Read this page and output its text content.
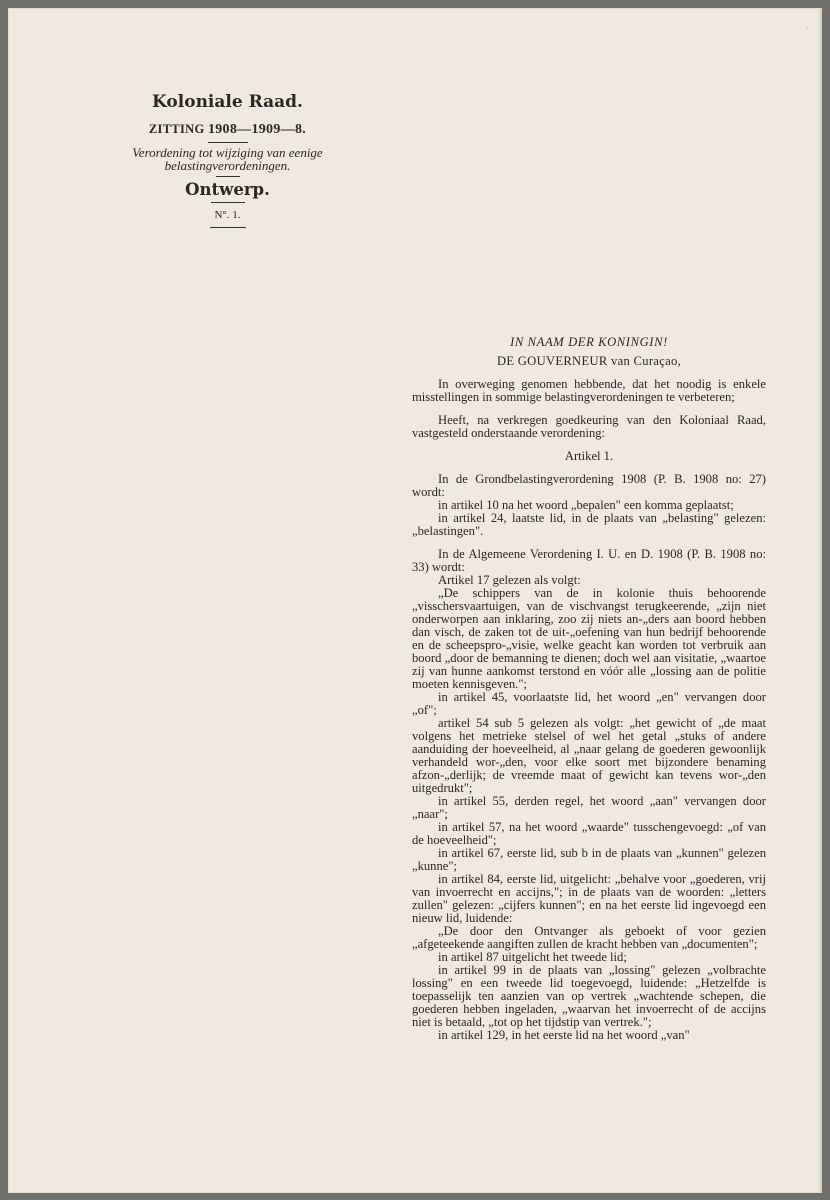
´
Koloniale Raad.
ZITTING 1908—1909—8.
Verordening tot wijziging van eenige belastingverordeningen.
Ontwerp.
N°. 1.

IN NAAM DER KONINGIN!

DE GOUVERNEUR van Curaçao,

In overweging genomen hebbende, dat het noodig is enkele misstellingen in sommige belastingverordeningen te verbeteren;

Heeft, na verkregen goedkeuring van den Koloniaal Raad, vastgesteld onderstaande verordening:

Artikel 1.

In de Grondbelastingverordening 1908 (P. B. 1908 no: 27) wordt:

in artikel 10 na het woord „bepalen" een komma geplaatst;

in artikel 24, laatste lid, in de plaats van „belasting" gelezen: „belastingen".

In de Algemeene Verordening I. U. en D. 1908 (P. B. 1908 no: 33) wordt:

Artikel 17 gelezen als volgt:

„De schippers van de in kolonie thuis behoorende „visschersvaartuigen, van de vischvangst terugkeerende, „zijn niet onderworpen aan inklaring, zoo zij niets an-„ders aan boord hebben dan visch, de zaken tot de uit-„oefening van hun bedrijf behoorende en de scheepspro-„visie, welke geacht kan worden tot verbruik aan boord „door de bemanning te dienen; doch wel aan visitatie, „waartoe zij van hunne aankomst terstond en vóór alle „lossing aan de politie moeten kennisgeven.";

in artikel 45, voorlaatste lid, het woord „en" vervangen door „of";

artikel 54 sub 5 gelezen als volgt: „het gewicht of „de maat volgens het metrieke stelsel of wel het getal „stuks of andere aanduiding der hoeveelheid, al „naar gelang de goederen gewoonlijk verhandeld wor-„den, voor elke soort met bijzondere benaming afzon-„derlijk; de vreemde maat of gewicht kan tevens wor-„den uitgedrukt";

in artikel 55, derden regel, het woord „aan" vervangen door „naar";

in artikel 57, na het woord „waarde" tusschengevoegd: „of van de hoeveelheid";

in artikel 67, eerste lid, sub b in de plaats van „kunnen" gelezen „kunne";

in artikel 84, eerste lid, uitgelicht: „behalve voor „goederen, vrij van invoerrecht en accijns,"; in de plaats van de woorden: „letters zullen" gelezen: „cijfers kunnen"; en na het eerste lid ingevoegd een nieuw lid, luidende:

„De door den Ontvanger als geboekt of voor gezien „afgeteekende aangiften zullen de kracht hebben van „documenten";

in artikel 87 uitgelicht het tweede lid;

in artikel 99 in de plaats van „lossing" gelezen „volbrachte lossing" en een tweede lid toegevoegd, luidende: „Hetzelfde is toepasselijk ten aanzien van op vertrek „wachtende schepen, die goederen hebben ingeladen, „waarvan het invoerrecht of de accijns niet is betaald, „tot op het tijdstip van vertrek.";

in artikel 129, in het eerste lid na het woord „van"
